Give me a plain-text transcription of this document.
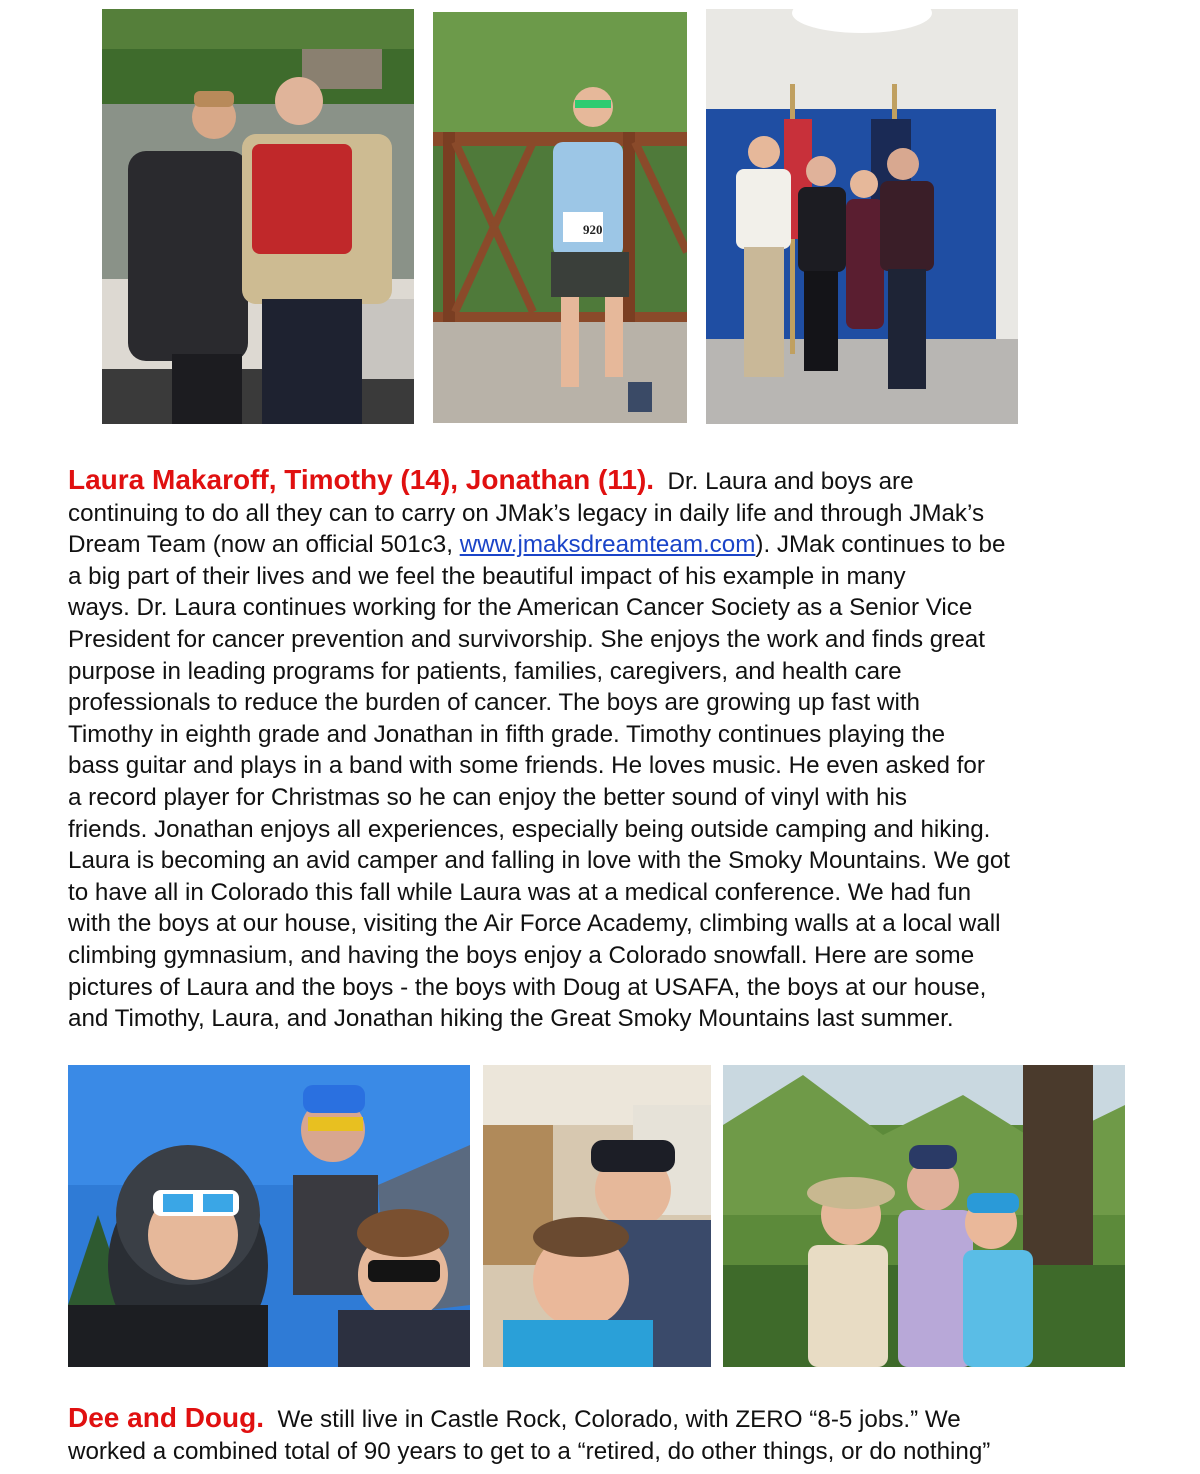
920
Laura Makaroff, Timothy (14), Jonathan (11). Dr. Laura and boys are
continuing to do all they can to carry on JMak’s legacy in daily life and through JMak’s
Dream Team (now an official 501c3, www.jmaksdreamteam.com). JMak continues to be
a big part of their lives and we feel the beautiful impact of his example in many
ways. Dr. Laura continues working for the American Cancer Society as a Senior Vice
President for cancer prevention and survivorship. She enjoys the work and finds great
purpose in leading programs for patients, families, caregivers, and health care
professionals to reduce the burden of cancer. The boys are growing up fast with
Timothy in eighth grade and Jonathan in fifth grade. Timothy continues playing the
bass guitar and plays in a band with some friends. He loves music. He even asked for
a record player for Christmas so he can enjoy the better sound of vinyl with his
friends. Jonathan enjoys all experiences, especially being outside camping and hiking.
Laura is becoming an avid camper and falling in love with the Smoky Mountains. We got
to have all in Colorado this fall while Laura was at a medical conference. We had fun
with the boys at our house, visiting the Air Force Academy, climbing walls at a local wall
climbing gymnasium, and having the boys enjoy a Colorado snowfall. Here are some
pictures of Laura and the boys - the boys with Doug at USAFA, the boys at our house,
and Timothy, Laura, and Jonathan hiking the Great Smoky Mountains last summer.
Dee and Doug. We still live in Castle Rock, Colorado, with ZERO “8-5 jobs.” We
worked a combined total of 90 years to get to a “retired, do other things, or do nothing”
